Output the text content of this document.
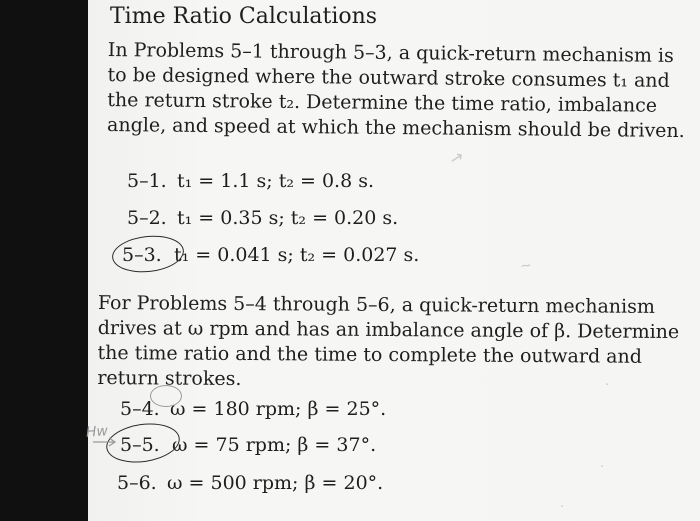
↗
~
·
·
·
Time Ratio Calculations
In Problems 5–1 through 5–3, a quick-return mechanism is to be designed where the outward stroke consumes t₁ and the return stroke t₂. Determine the time ratio, imbalance angle, and speed at which the mechanism should be driven.
5–1. t₁ = 1.1 s; t₂ = 0.8 s.
5–2. t₁ = 0.35 s; t₂ = 0.20 s.
5–3. t₁ = 0.041 s; t₂ = 0.027 s.
For Problems 5–4 through 5–6, a quick-return mechanism drives at ω rpm and has an imbalance angle of β. Determine the time ratio and the time to complete the outward and return strokes.
5–4. ω = 180 rpm; β = 25°.
5–5. ω = 75 rpm; β = 37°.
5–6. ω = 500 rpm; β = 20°.
Hw
